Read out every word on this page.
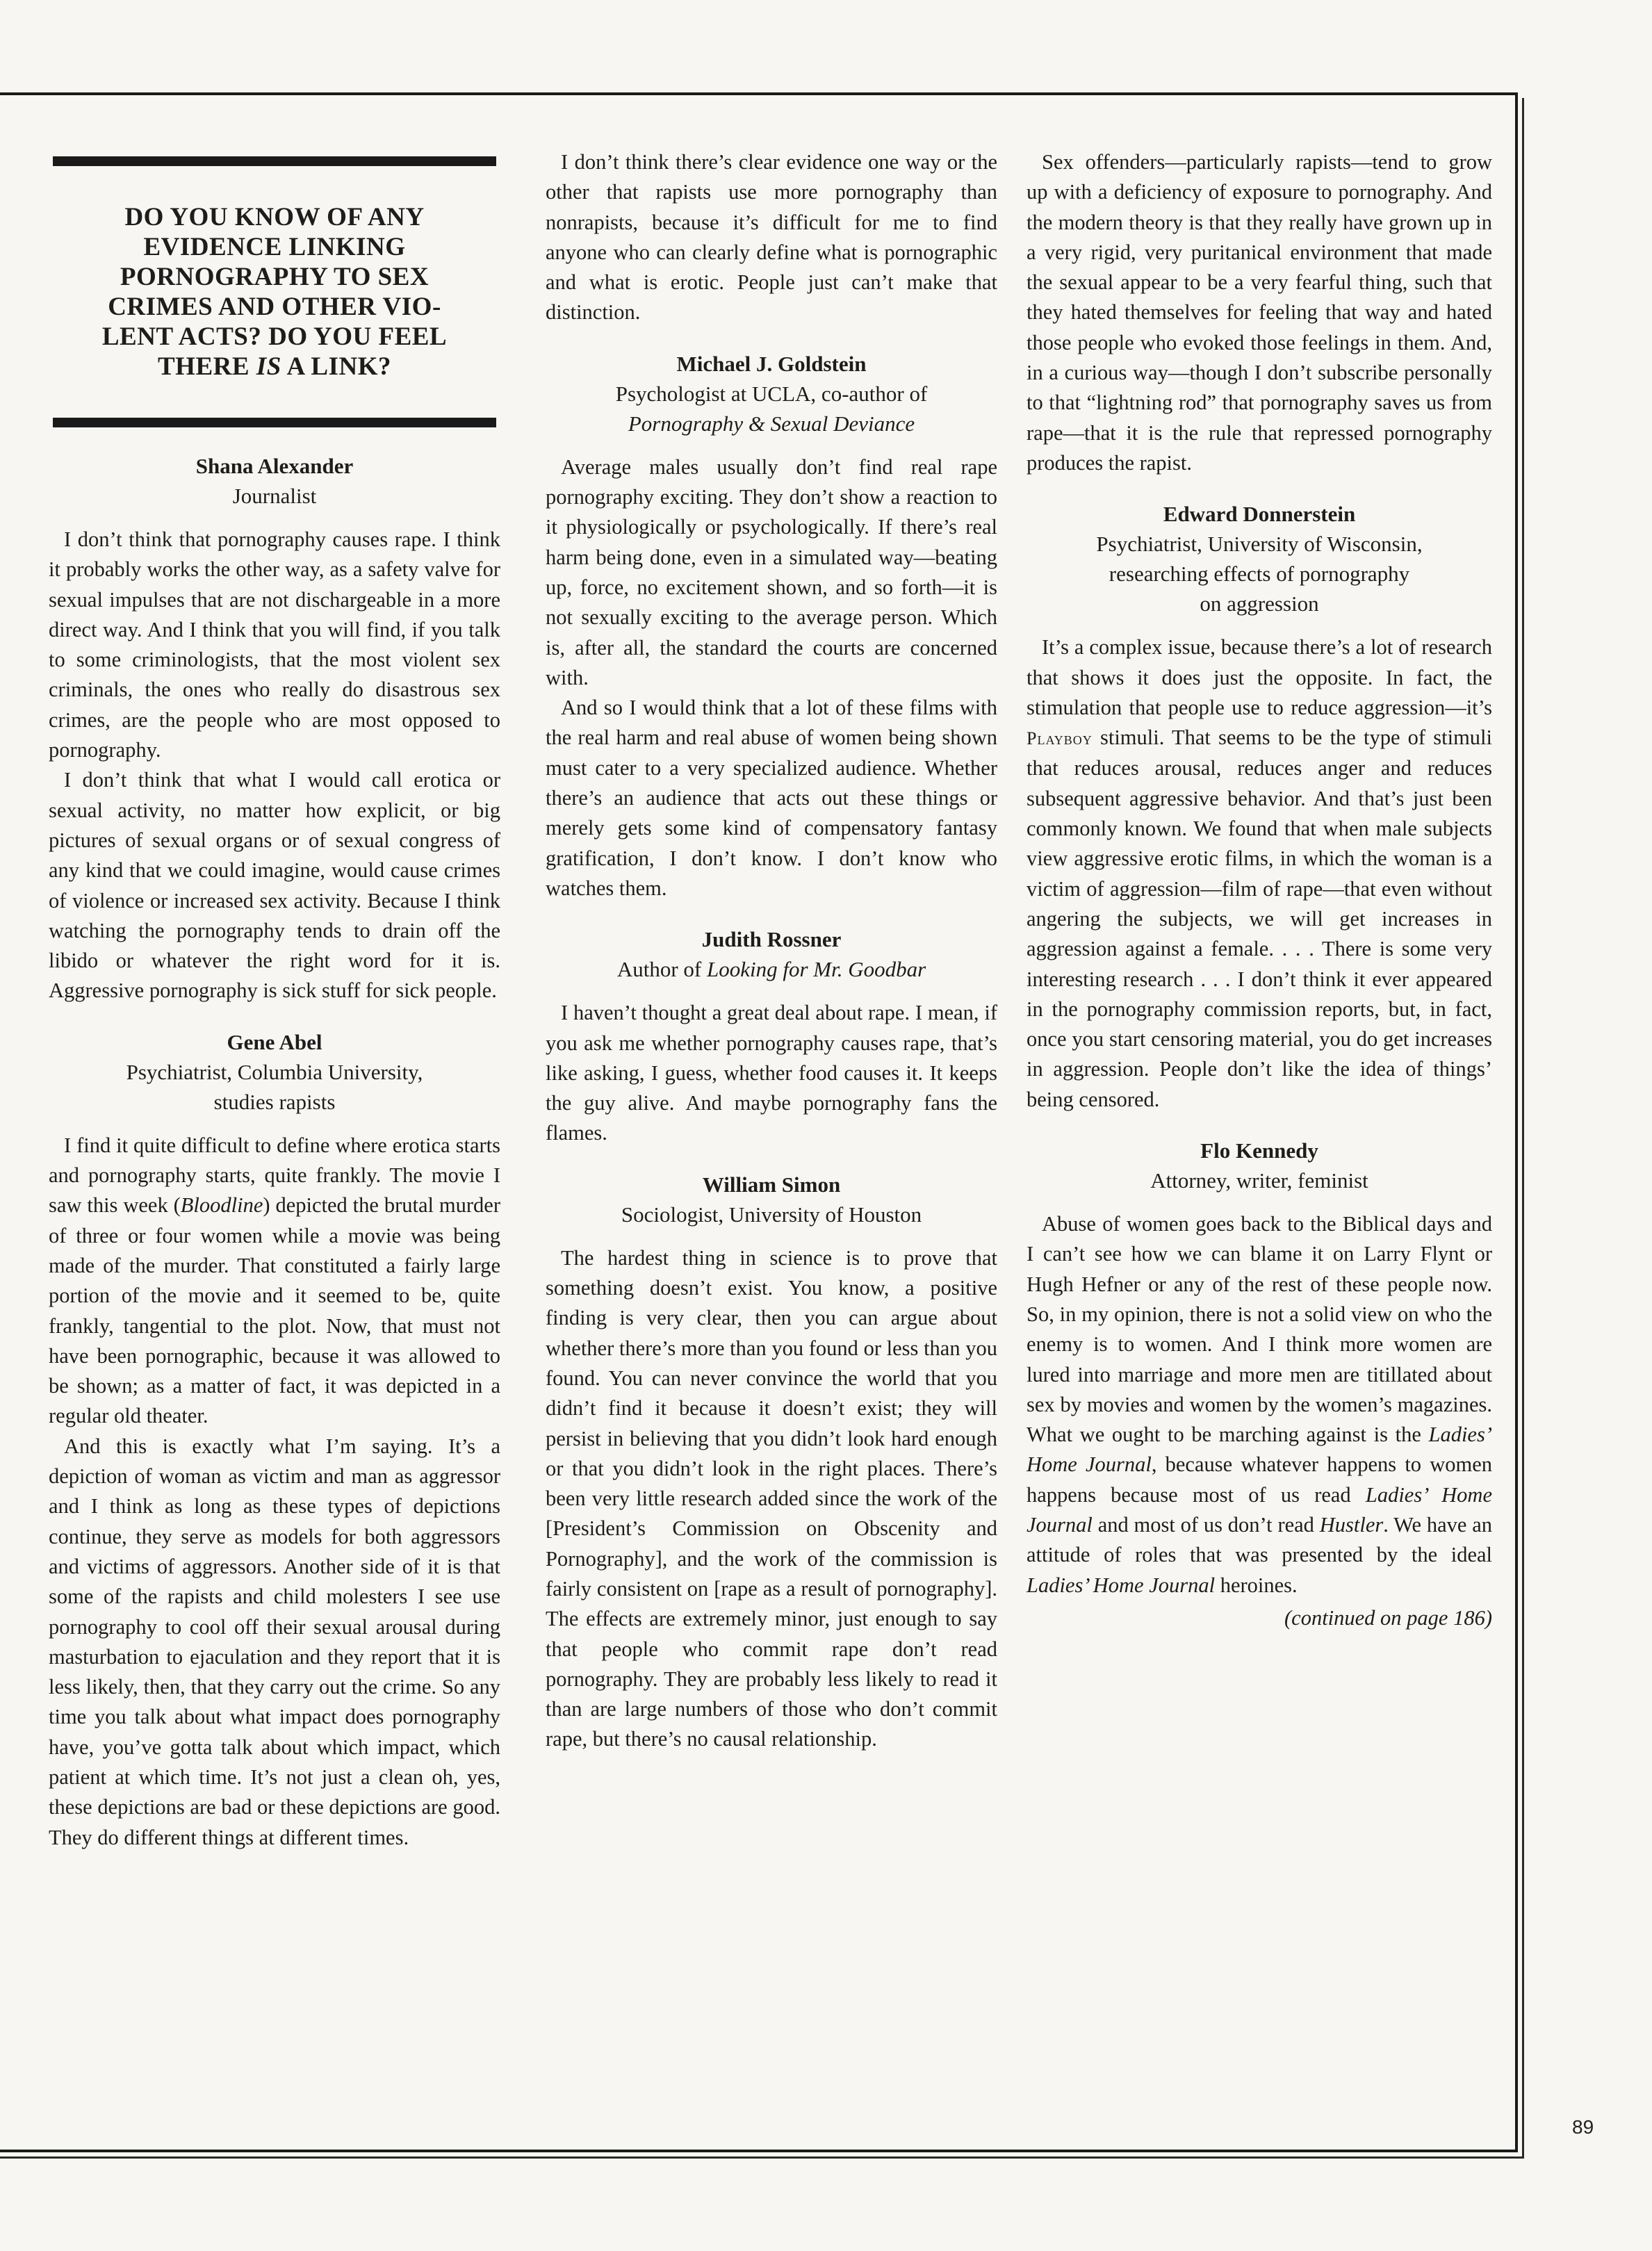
DO YOU KNOW OF ANY
EVIDENCE LINKING
PORNOGRAPHY TO SEX
CRIMES AND OTHER VIO-
LENT ACTS? DO YOU FEEL
THERE IS A LINK?
Shana Alexander
Journalist

I don’t think that pornography causes rape. I think it probably works the other way, as a safety valve for sexual impulses that are not dischargeable in a more direct way. And I think that you will find, if you talk to some criminologists, that the most violent sex criminals, the ones who really do disastrous sex crimes, are the people who are most opposed to pornography.

I don’t think that what I would call erotica or sexual activity, no matter how explicit, or big pictures of sexual organs or of sexual congress of any kind that we could imagine, would cause crimes of violence or increased sex activity. Because I think watching the pornography tends to drain off the libido or whatever the right word for it is. Aggressive pornography is sick stuff for sick people.

Gene Abel
Psychiatrist, Columbia University,
studies rapists

I find it quite difficult to define where erotica starts and pornography starts, quite frankly. The movie I saw this week (Bloodline) depicted the brutal murder of three or four women while a movie was being made of the murder. That constituted a fairly large portion of the movie and it seemed to be, quite frankly, tangential to the plot. Now, that must not have been pornographic, because it was allowed to be shown; as a matter of fact, it was depicted in a regular old theater.

And this is exactly what I’m saying. It’s a depiction of woman as victim and man as aggressor and I think as long as these types of depictions continue, they serve as models for both aggressors and victims of aggressors. Another side of it is that some of the rapists and child molesters I see use pornography to cool off their sexual arousal during masturbation to ejaculation and they report that it is less likely, then, that they carry out the crime. So any time you talk about what impact does pornography have, you’ve gotta talk about which impact, which patient at which time. It’s not just a clean oh, yes, these depictions are bad or these depictions are good. They do different things at different times.

I don’t think there’s clear evidence one way or the other that rapists use more pornography than nonrapists, because it’s difficult for me to find anyone who can clearly define what is pornographic and what is erotic. People just can’t make that distinction.

Michael J. Goldstein
Psychologist at UCLA, co-author of
Pornography & Sexual Deviance

Average males usually don’t find real rape pornography exciting. They don’t show a reaction to it physiologically or psychologically. If there’s real harm being done, even in a simulated way—beating up, force, no excitement shown, and so forth—it is not sexually exciting to the average person. Which is, after all, the standard the courts are concerned with.

And so I would think that a lot of these films with the real harm and real abuse of women being shown must cater to a very specialized audience. Whether there’s an audience that acts out these things or merely gets some kind of compensatory fantasy gratification, I don’t know. I don’t know who watches them.

Judith Rossner
Author of Looking for Mr. Goodbar

I haven’t thought a great deal about rape. I mean, if you ask me whether pornography causes rape, that’s like asking, I guess, whether food causes it. It keeps the guy alive. And maybe pornography fans the flames.

William Simon
Sociologist, University of Houston

The hardest thing in science is to prove that something doesn’t exist. You know, a positive finding is very clear, then you can argue about whether there’s more than you found or less than you found. You can never convince the world that you didn’t find it because it doesn’t exist; they will persist in believing that you didn’t look hard enough or that you didn’t look in the right places. There’s been very little research added since the work of the [President’s Commission on Obscenity and Pornography], and the work of the commission is fairly consistent on [rape as a result of pornography]. The effects are extremely minor, just enough to say that people who commit rape don’t read pornography. They are probably less likely to read it than are large numbers of those who don’t commit rape, but there’s no causal relationship.

Sex offenders—particularly rapists—tend to grow up with a deficiency of exposure to pornography. And the modern theory is that they really have grown up in a very rigid, very puritanical environment that made the sexual appear to be a very fearful thing, such that they hated themselves for feeling that way and hated those people who evoked those feelings in them. And, in a curious way—though I don’t subscribe personally to that “lightning rod” that pornography saves us from rape—that it is the rule that repressed pornography produces the rapist.

Edward Donnerstein
Psychiatrist, University of Wisconsin,
researching effects of pornography
on aggression

It’s a complex issue, because there’s a lot of research that shows it does just the opposite. In fact, the stimulation that people use to reduce aggression—it’s Playboy stimuli. That seems to be the type of stimuli that reduces arousal, reduces anger and reduces subsequent aggressive behavior. And that’s just been commonly known. We found that when male subjects view aggressive erotic films, in which the woman is a victim of aggression—film of rape—that even without angering the subjects, we will get increases in aggression against a female. . . . There is some very interesting research . . . I don’t think it ever appeared in the pornography commission reports, but, in fact, once you start censoring material, you do get increases in aggression. People don’t like the idea of things’ being censored.

Flo Kennedy
Attorney, writer, feminist

Abuse of women goes back to the Biblical days and I can’t see how we can blame it on Larry Flynt or Hugh Hefner or any of the rest of these people now. So, in my opinion, there is not a solid view on who the enemy is to women. And I think more women are lured into marriage and more men are titillated about sex by movies and women by the women’s magazines. What we ought to be marching against is the Ladies’ Home Journal, because whatever happens to women happens because most of us read Ladies’ Home Journal and most of us don’t read Hustler. We have an attitude of roles that was presented by the ideal Ladies’ Home Journal heroines.

(continued on page 186)
89
